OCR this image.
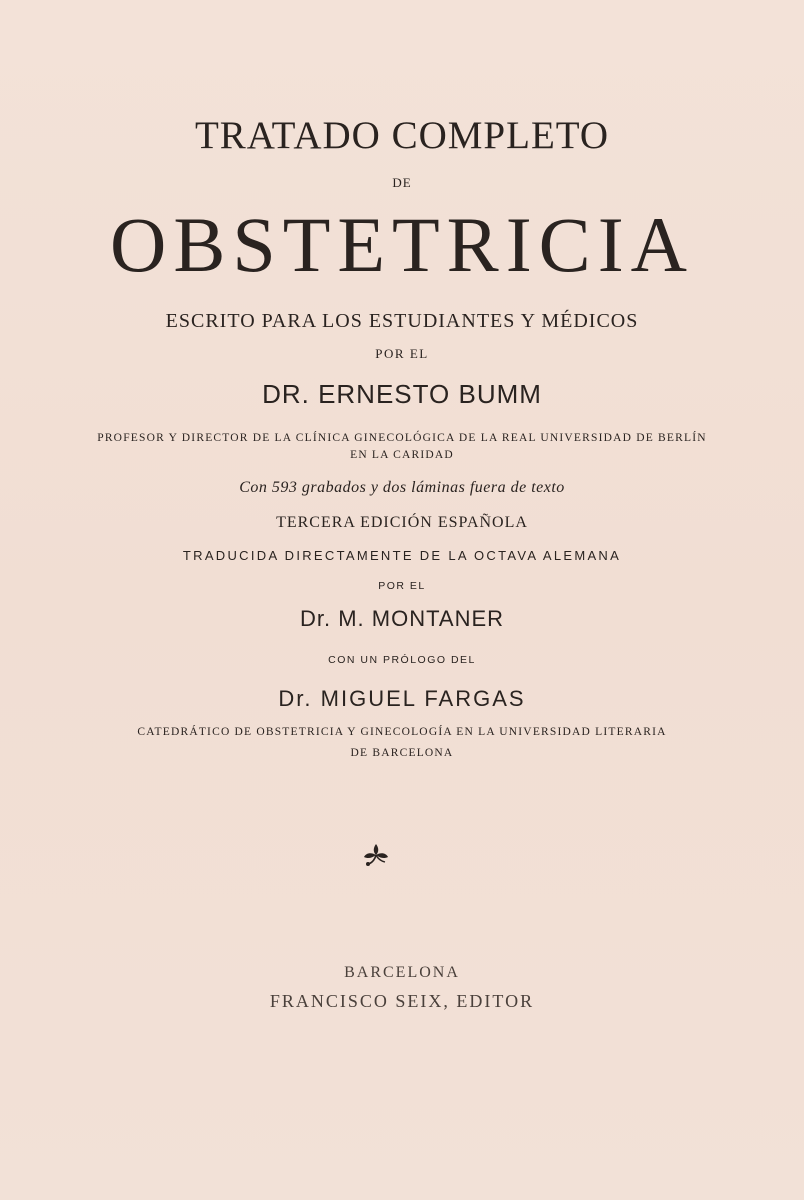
TRATADO COMPLETO
DE
OBSTETRICIA
ESCRITO PARA LOS ESTUDIANTES Y MÉDICOS
POR EL
DR. ERNESTO BUMM
PROFESOR Y DIRECTOR DE LA CLÍNICA GINECOLÓGICA DE LA REAL UNIVERSIDAD DE BERLÍN
EN LA CARIDAD
Con 593 grabados y dos láminas fuera de texto
TERCERA EDICIÓN ESPAÑOLA
TRADUCIDA DIRECTAMENTE DE LA OCTAVA ALEMANA
POR EL
Dr. M. MONTANER
CON UN PRÓLOGO DEL
Dr. MIGUEL FARGAS
CATEDRÁTICO DE OBSTETRICIA Y GINECOLOGÍA EN LA UNIVERSIDAD LITERARIA
DE BARCELONA
BARCELONA
FRANCISCO SEIX, EDITOR
